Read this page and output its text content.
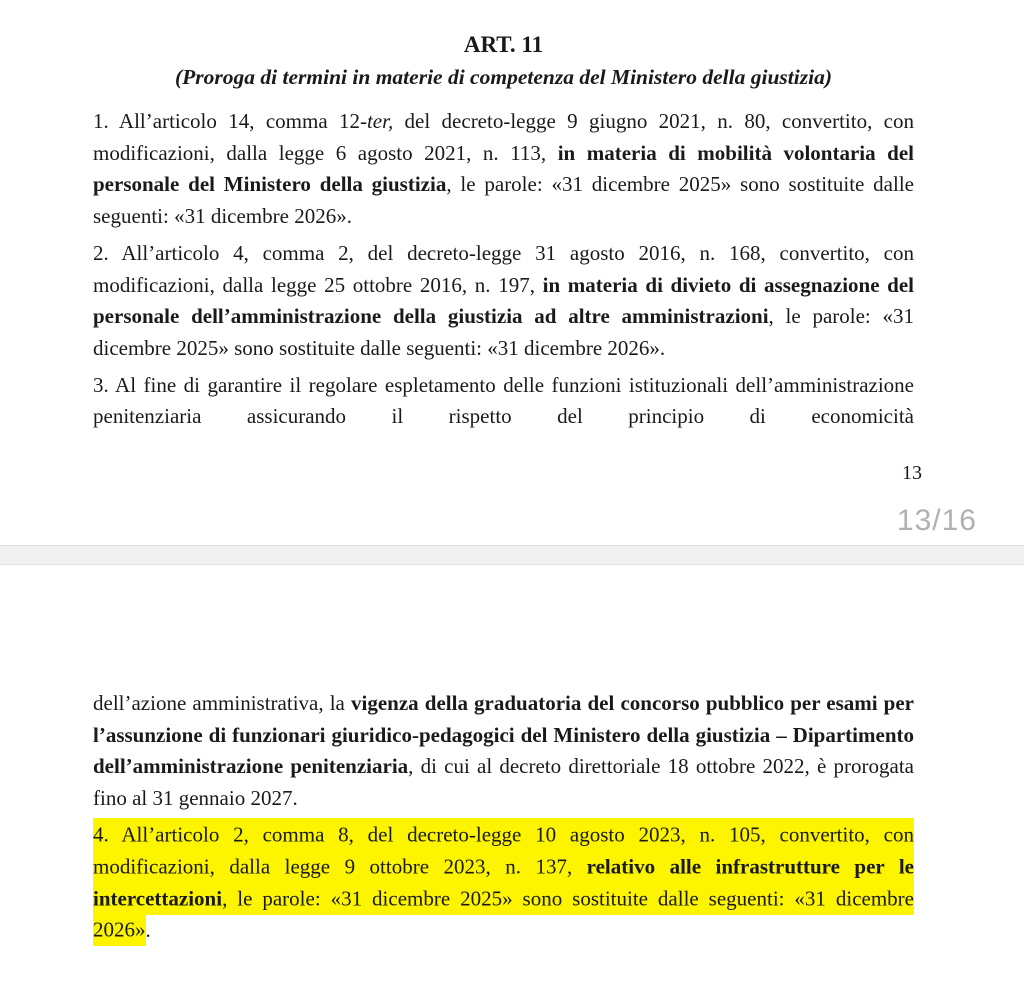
ART. 11
(Proroga di termini in materie di competenza del Ministero della giustizia)

1. All’articolo 14, comma 12-ter, del decreto-legge 9 giugno 2021, n. 80, convertito, con modificazioni, dalla legge 6 agosto 2021, n. 113, in materia di mobilità volontaria del personale del Ministero della giustizia, le parole: «31 dicembre 2025» sono sostituite dalle seguenti: «31 dicembre 2026».

2. All’articolo 4, comma 2, del decreto-legge 31 agosto 2016, n. 168, convertito, con modificazioni, dalla legge 25 ottobre 2016, n. 197, in materia di divieto di assegnazione del personale dell’amministrazione della giustizia ad altre amministrazioni, le parole: «31 dicembre 2025» sono sostituite dalle seguenti: «31 dicembre 2026».

3. Al fine di garantire il regolare espletamento delle funzioni istituzionali dell’amministrazione penitenziaria assicurando il rispetto del principio di economicità

13
13/16

dell’azione amministrativa, la vigenza della graduatoria del concorso pubblico per esami per l’assunzione di funzionari giuridico-pedagogici del Ministero della giustizia – Dipartimento dell’amministrazione penitenziaria, di cui al decreto direttoriale 18 ottobre 2022, è prorogata fino al 31 gennaio 2027.

4. All’articolo 2, comma 8, del decreto-legge 10 agosto 2023, n. 105, convertito, con modificazioni, dalla legge 9 ottobre 2023, n. 137, relativo alle infrastrutture per le intercettazioni, le parole: «31 dicembre 2025» sono sostituite dalle seguenti: «31 dicembre 2026».
